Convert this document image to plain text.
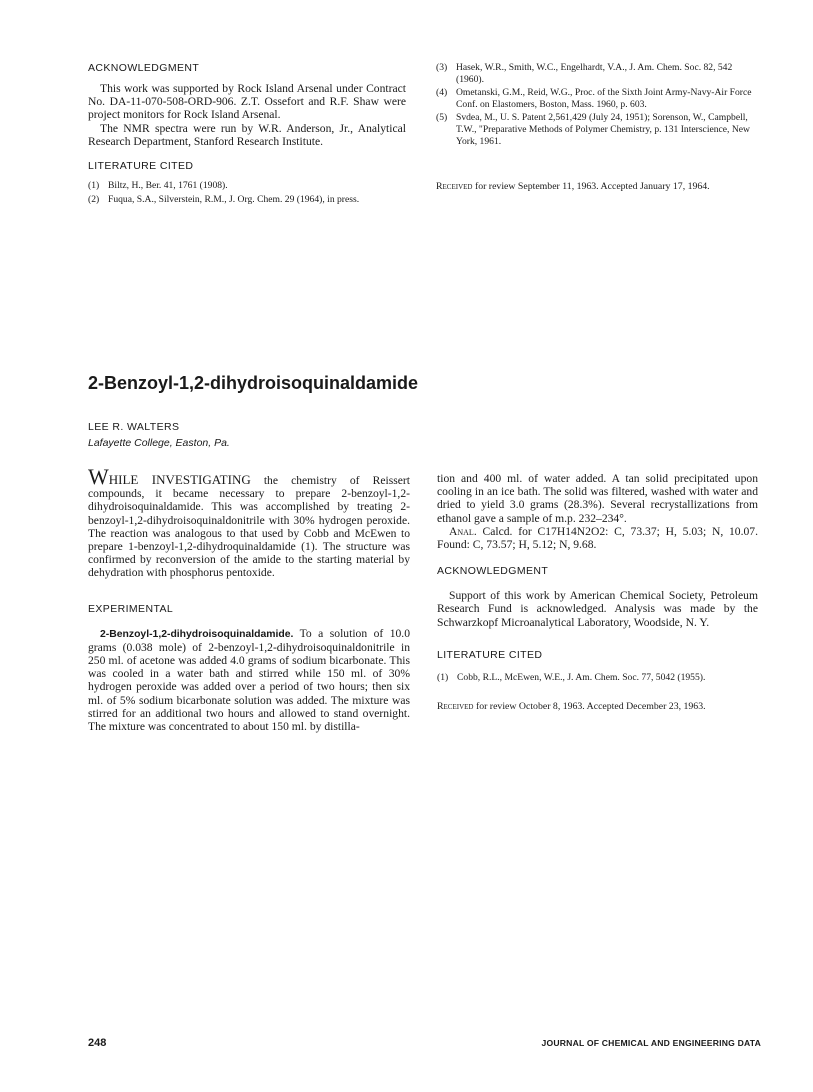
ACKNOWLEDGMENT

This work was supported by Rock Island Arsenal under Contract No. DA-11-070-508-ORD-906. Z.T. Ossefort and R.F. Shaw were project monitors for Rock Island Arsenal.

The NMR spectra were run by W.R. Anderson, Jr., Analytical Research Department, Stanford Research Institute.

LITERATURE CITED
(1) Biltz, H., Ber. 41, 1761 (1908).
(2) Fuqua, S.A., Silverstein, R.M., J. Org. Chem. 29 (1964), in press.
(3) Hasek, W.R., Smith, W.C., Engelhardt, V.A., J. Am. Chem. Soc. 82, 542 (1960).
(4) Ometanski, G.M., Reid, W.G., Proc. of the Sixth Joint Army-Navy-Air Force Conf. on Elastomers, Boston, Mass. 1960, p. 603.
(5) Svdea, M., U. S. Patent 2,561,429 (July 24, 1951); Sorenson, W., Campbell, T.W., "Preparative Methods of Polymer Chemistry, p. 131 Interscience, New York, 1961.

Received for review September 11, 1963. Accepted January 17, 1964.

2-Benzoyl-1,2-dihydroisoquinaldamide
LEE R. WALTERS
Lafayette College, Easton, Pa.

WHILE INVESTIGATING the chemistry of Reissert compounds, it became necessary to prepare 2-benzoyl-1,2-dihydroisoquinaldamide. This was accomplished by treating 2-benzoyl-1,2-dihydroisoquinaldonitrile with 30% hydrogen peroxide. The reaction was analogous to that used by Cobb and McEwen to prepare 1-benzoyl-1,2-dihydroquinaldamide (1). The structure was confirmed by reconversion of the amide to the starting material by dehydration with phosphorus pentoxide.

EXPERIMENTAL

2-Benzoyl-1,2-dihydroisoquinaldamide. To a solution of 10.0 grams (0.038 mole) of 2-benzoyl-1,2-dihydroisoquinaldonitrile in 250 ml. of acetone was added 4.0 grams of sodium bicarbonate. This was cooled in a water bath and stirred while 150 ml. of 30% hydrogen peroxide was added over a period of two hours; then six ml. of 5% sodium bicarbonate solution was added. The mixture was stirred for an additional two hours and allowed to stand overnight. The mixture was concentrated to about 150 ml. by distilla-

tion and 400 ml. of water added. A tan solid precipitated upon cooling in an ice bath. The solid was filtered, washed with water and dried to yield 3.0 grams (28.3%). Several recrystallizations from ethanol gave a sample of m.p. 232–234°.

Anal. Calcd. for C17H14N2O2: C, 73.37; H, 5.03; N, 10.07. Found: C, 73.57; H, 5.12; N, 9.68.

ACKNOWLEDGMENT

Support of this work by American Chemical Society, Petroleum Research Fund is acknowledged. Analysis was made by the Schwarzkopf Microanalytical Laboratory, Woodside, N. Y.

LITERATURE CITED
(1) Cobb, R.L., McEwen, W.E., J. Am. Chem. Soc. 77, 5042 (1955).

Received for review October 8, 1963. Accepted December 23, 1963.

248	JOURNAL OF CHEMICAL AND ENGINEERING DATA
